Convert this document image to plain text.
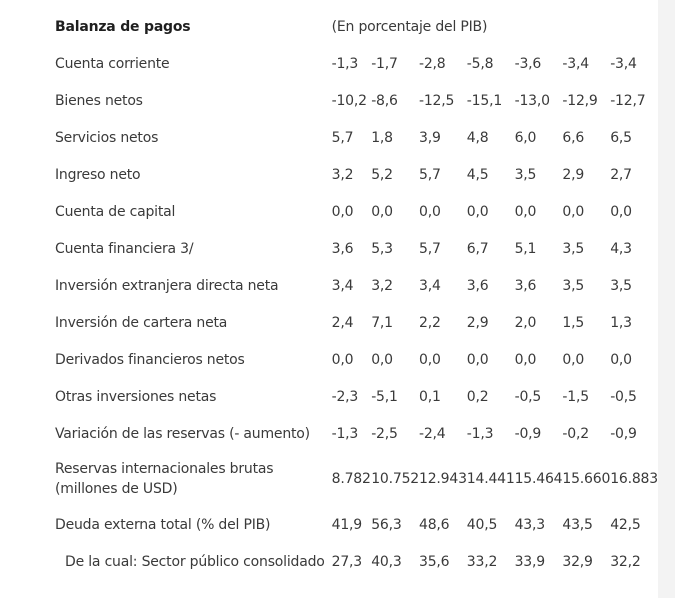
Balanza de pagos	(En porcentaje del PIB)						
Cuenta corriente	-1,3	-1,7	-2,8	-5,8	-3,6	-3,4	-3,4
Bienes netos	-10,2	-8,6	-12,5	-15,1	-13,0	-12,9	-12,7
Servicios netos	5,7	1,8	3,9	4,8	6,0	6,6	6,5
Ingreso neto	3,2	5,2	5,7	4,5	3,5	2,9	2,7
Cuenta de capital	0,0	0,0	0,0	0,0	0,0	0,0	0,0
Cuenta financiera 3/	3,6	5,3	5,7	6,7	5,1	3,5	4,3
Inversión extranjera directa neta	3,4	3,2	3,4	3,6	3,6	3,5	3,5
Inversión de cartera neta	2,4	7,1	2,2	2,9	2,0	1,5	1,3
Derivados financieros netos	0,0	0,0	0,0	0,0	0,0	0,0	0,0
Otras inversiones netas	-2,3	-5,1	0,1	0,2	-0,5	-1,5	-0,5
Variación de las reservas (- aumento)	-1,3	-2,5	-2,4	-1,3	-0,9	-0,2	-0,9
Reservas internacionales brutas (millones de USD)	8.782	10.752	12.943	14.441	15.464	15.660	16.883
Deuda externa total (% del PIB)	41,9	56,3	48,6	40,5	43,3	43,5	42,5
De la cual: Sector público consolidado	27,3	40,3	35,6	33,2	33,9	32,9	32,2
